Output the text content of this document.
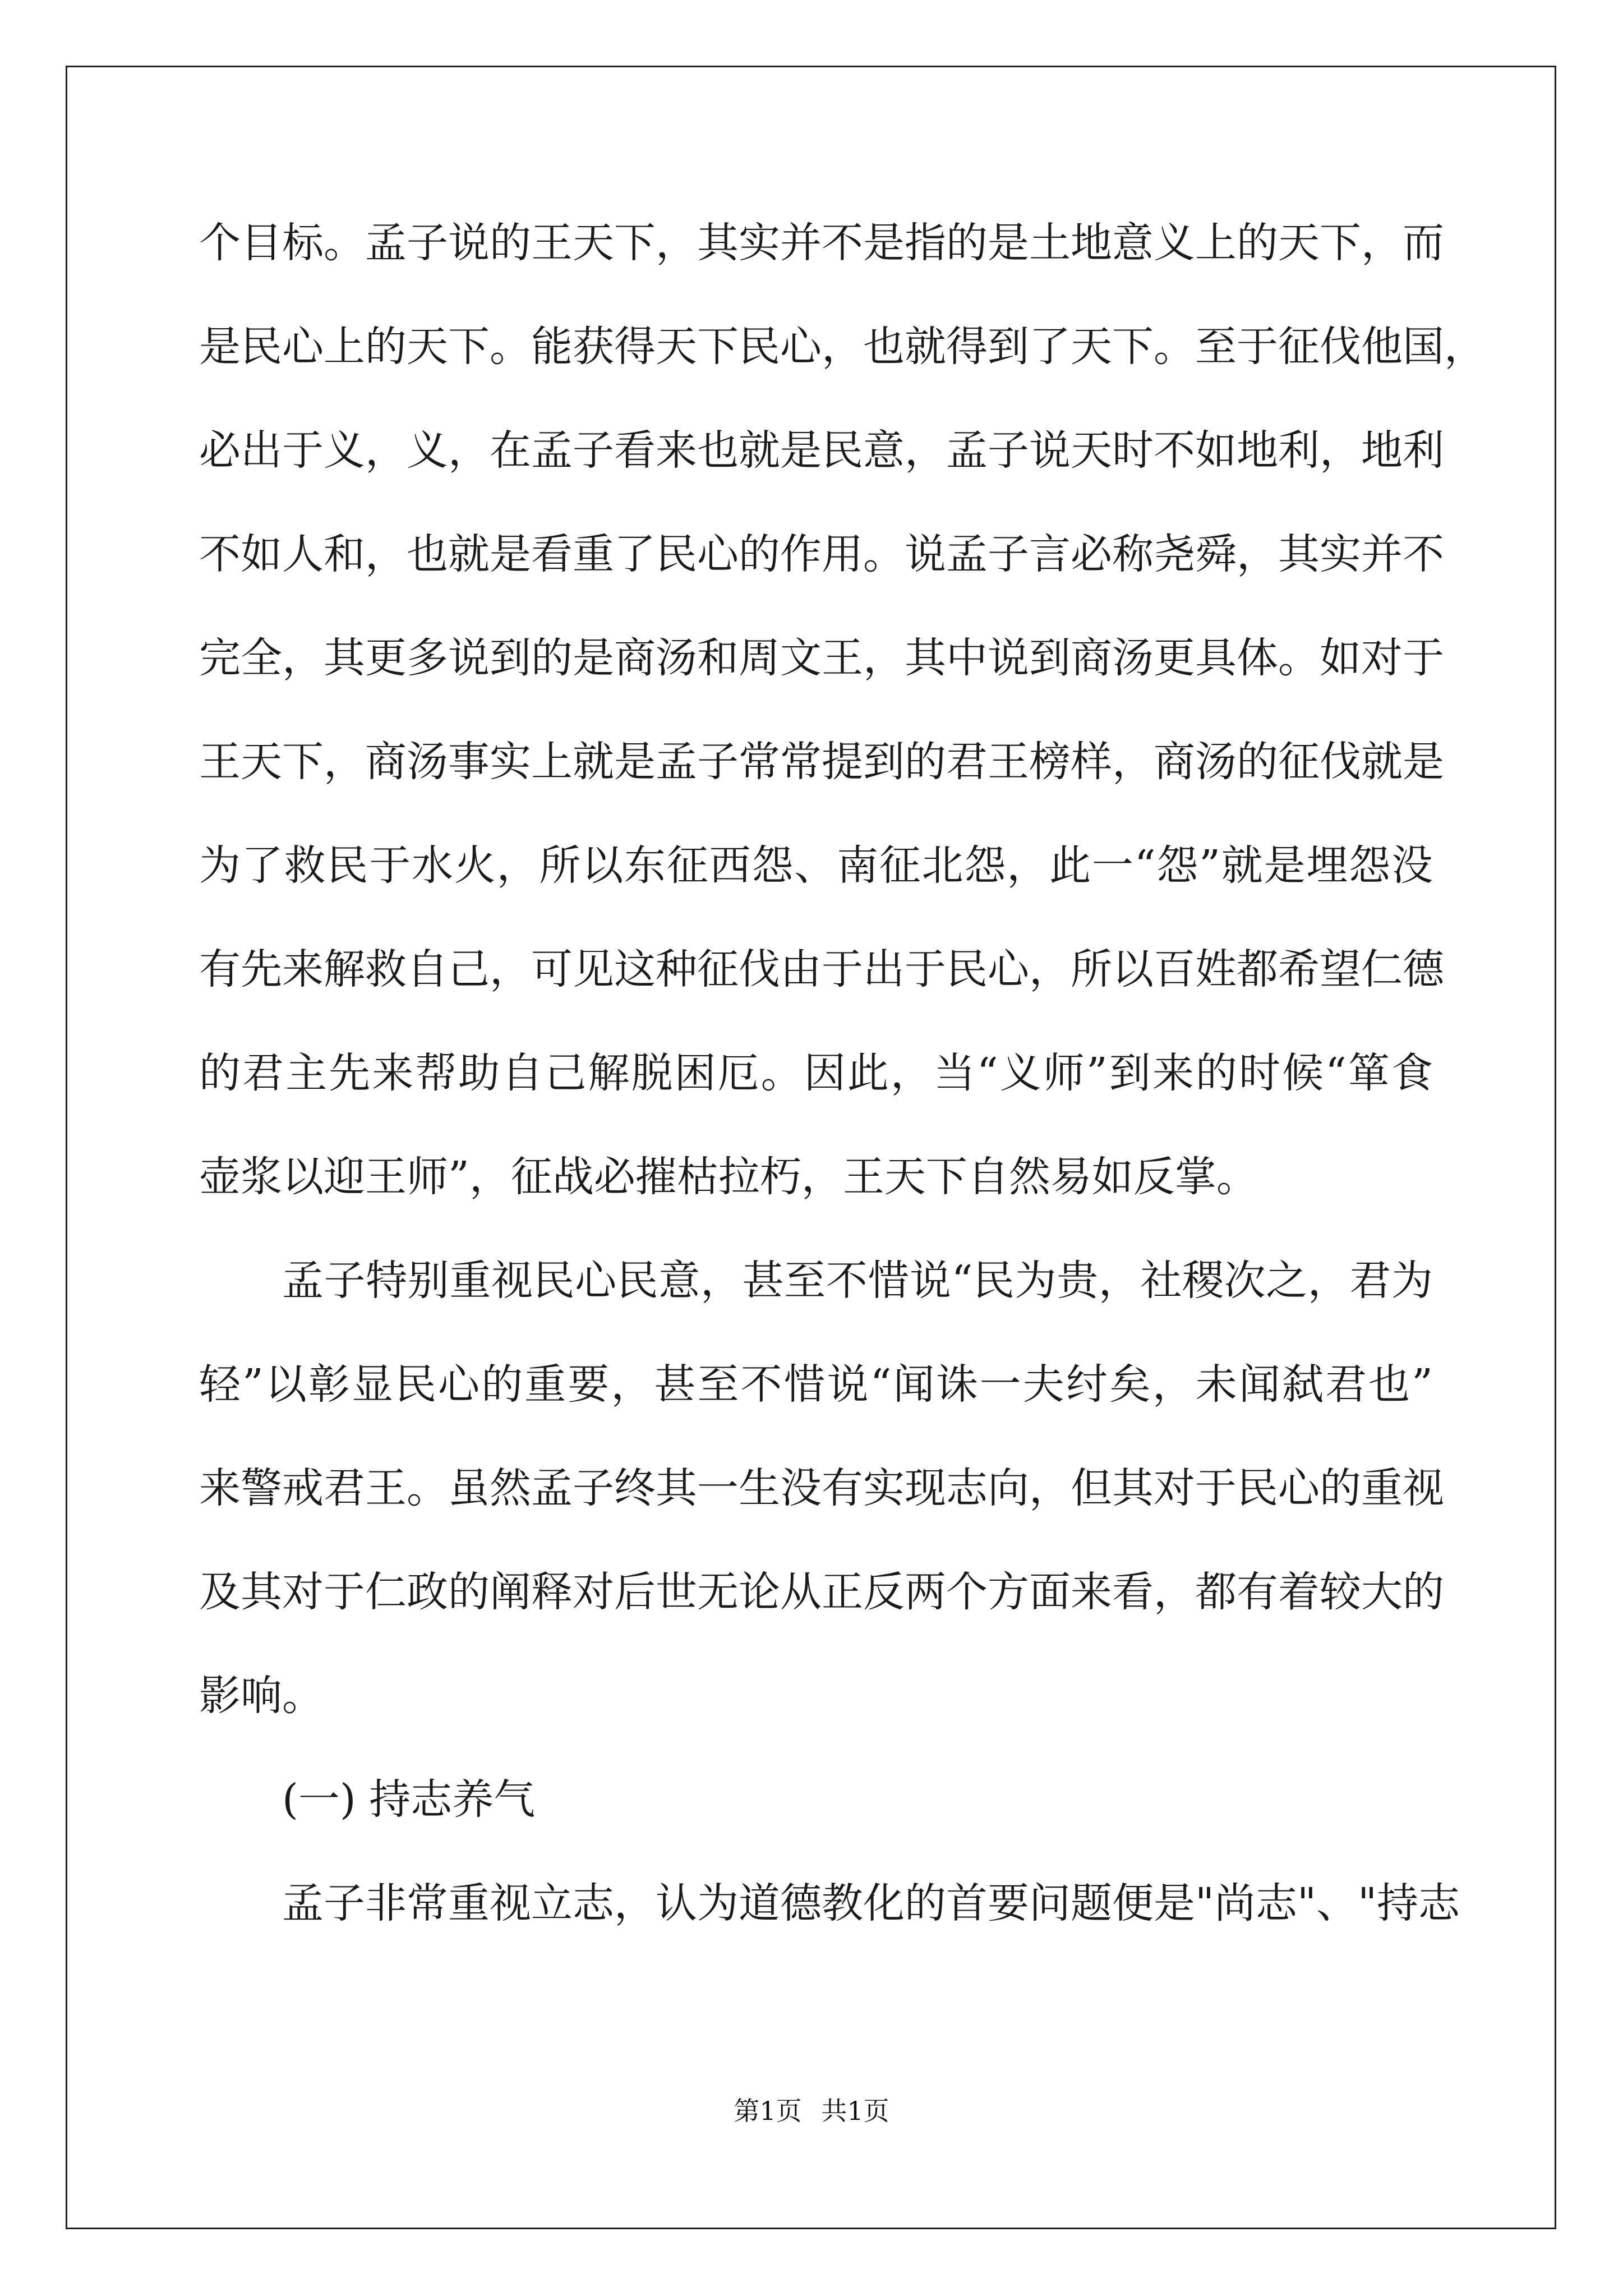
个目标。孟子说的王天下，其实并不是指的是土地意义上的天下，而
是民心上的天下。能获得天下民心，也就得到了天下。至于征伐他国，
必出于义，义，在孟子看来也就是民意，孟子说天时不如地利，地利
不如人和，也就是看重了民心的作用。说孟子言必称尧舜，其实并不
完全，其更多说到的是商汤和周文王，其中说到商汤更具体。如对于
王天下，商汤事实上就是孟子常常提到的君王榜样，商汤的征伐就是
为了救民于水火，所以东征西怨、南征北怨，此一“怨”就是埋怨没
有先来解救自己，可见这种征伐由于出于民心，所以百姓都希望仁德
的君主先来帮助自己解脱困厄。因此，当“义师”到来的时候“箪食
壶浆以迎王师”，征战必摧枯拉朽，王天下自然易如反掌。
孟子特别重视民心民意，甚至不惜说“民为贵，社稷次之，君为
轻”以彰显民心的重要，甚至不惜说“闻诛一夫纣矣，未闻弑君也”
来警戒君王。虽然孟子终其一生没有实现志向，但其对于民心的重视
及其对于仁政的阐释对后世无论从正反两个方面来看，都有着较大的
影响。
(一) 持志养气
孟子非常重视立志，认为道德教化的首要问题便是"尚志"、"持志
第1页 共1页
